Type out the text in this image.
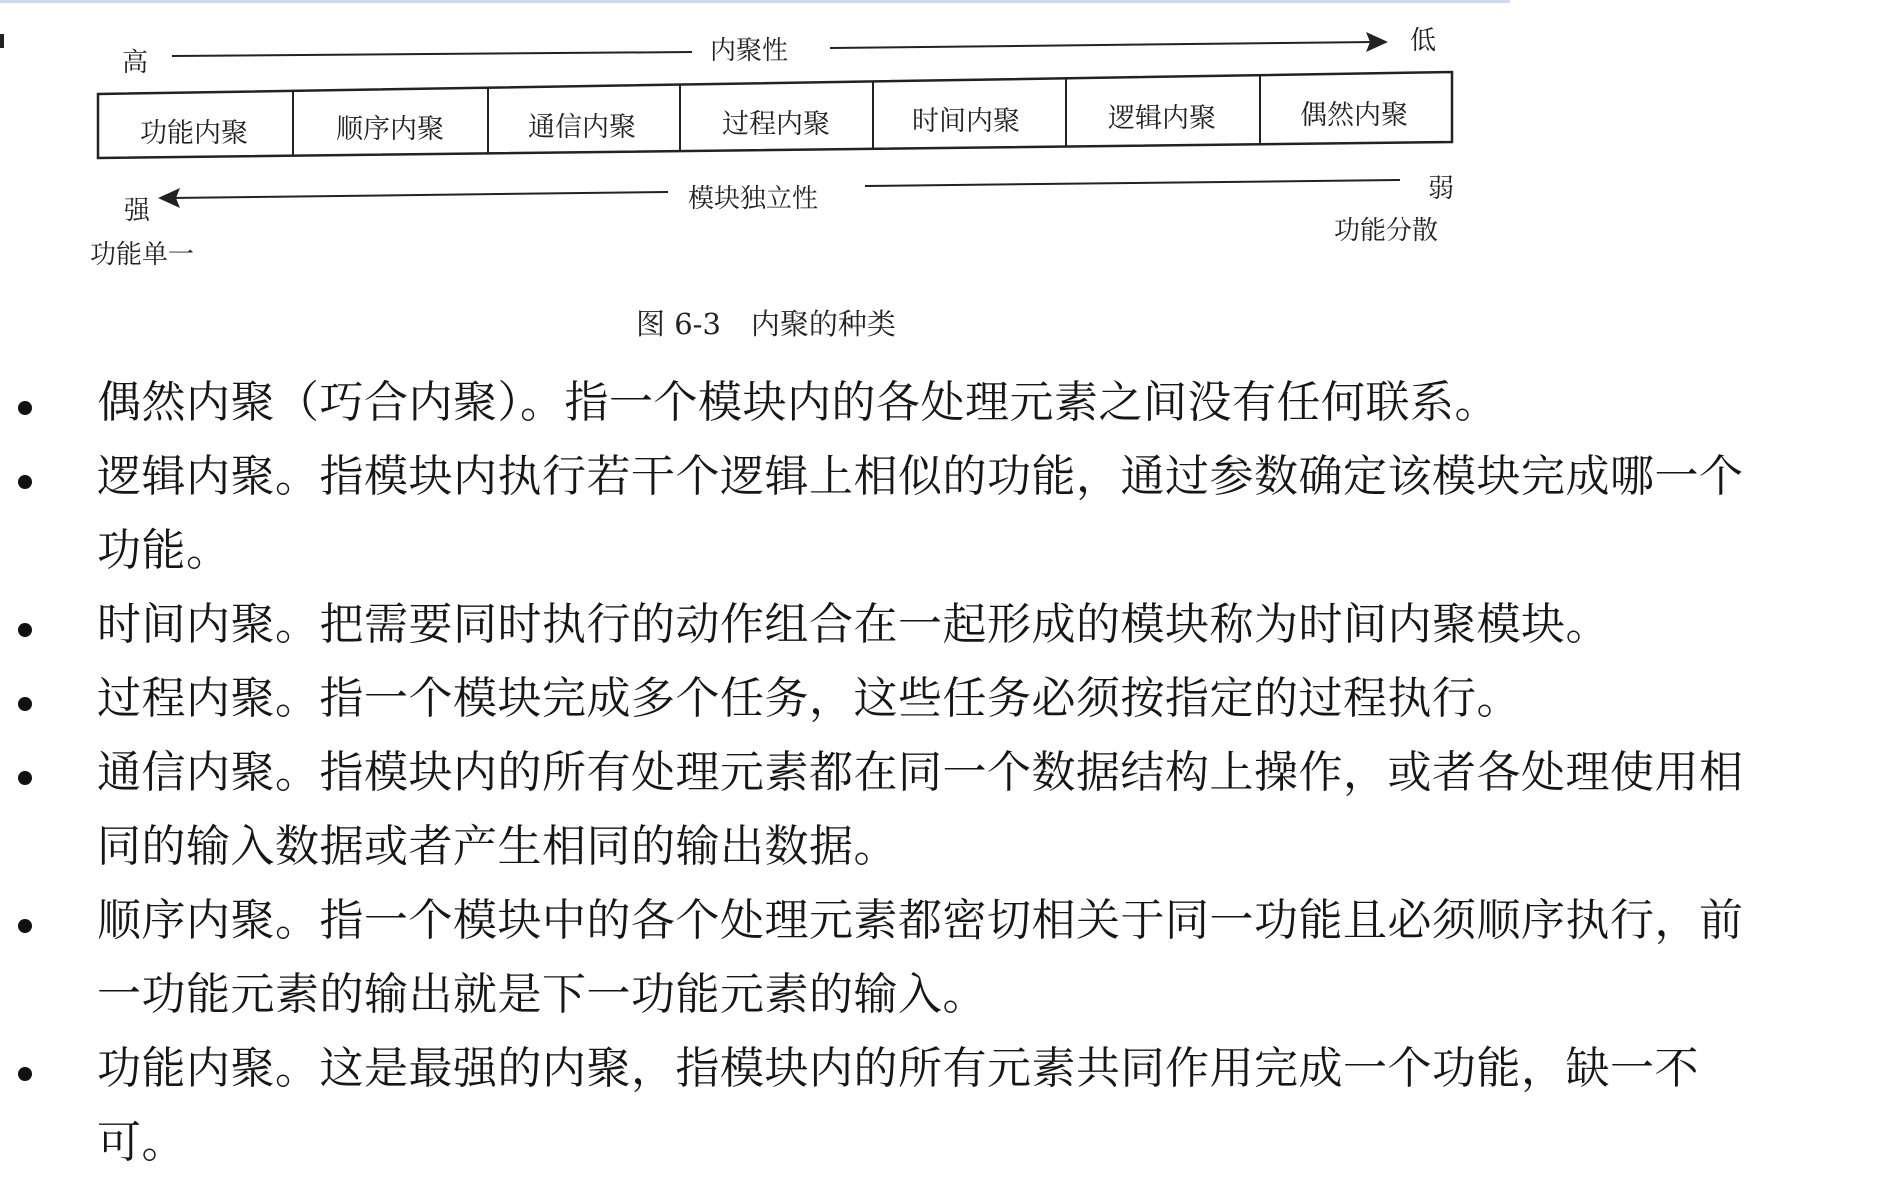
高	内聚性	低
功能内聚	顺序内聚	通信内聚	过程内聚	时间内聚	逻辑内聚	偶然内聚
强	模块独立性	弱
功能单一
功能分散
图 6-3 内聚的种类
偶然内聚（巧合内聚）。指一个模块内的各处理元素之间没有任何联系。
逻辑内聚。指模块内执行若干个逻辑上相似的功能，通过参数确定该模块完成哪一个功能。
时间内聚。把需要同时执行的动作组合在一起形成的模块称为时间内聚模块。
过程内聚。指一个模块完成多个任务，这些任务必须按指定的过程执行。
通信内聚。指模块内的所有处理元素都在同一个数据结构上操作，或者各处理使用相同的输入数据或者产生相同的输出数据。
顺序内聚。指一个模块中的各个处理元素都密切相关于同一功能且必须顺序执行，前一功能元素的输出就是下一功能元素的输入。
功能内聚。这是最强的内聚，指模块内的所有元素共同作用完成一个功能，缺一不可。
